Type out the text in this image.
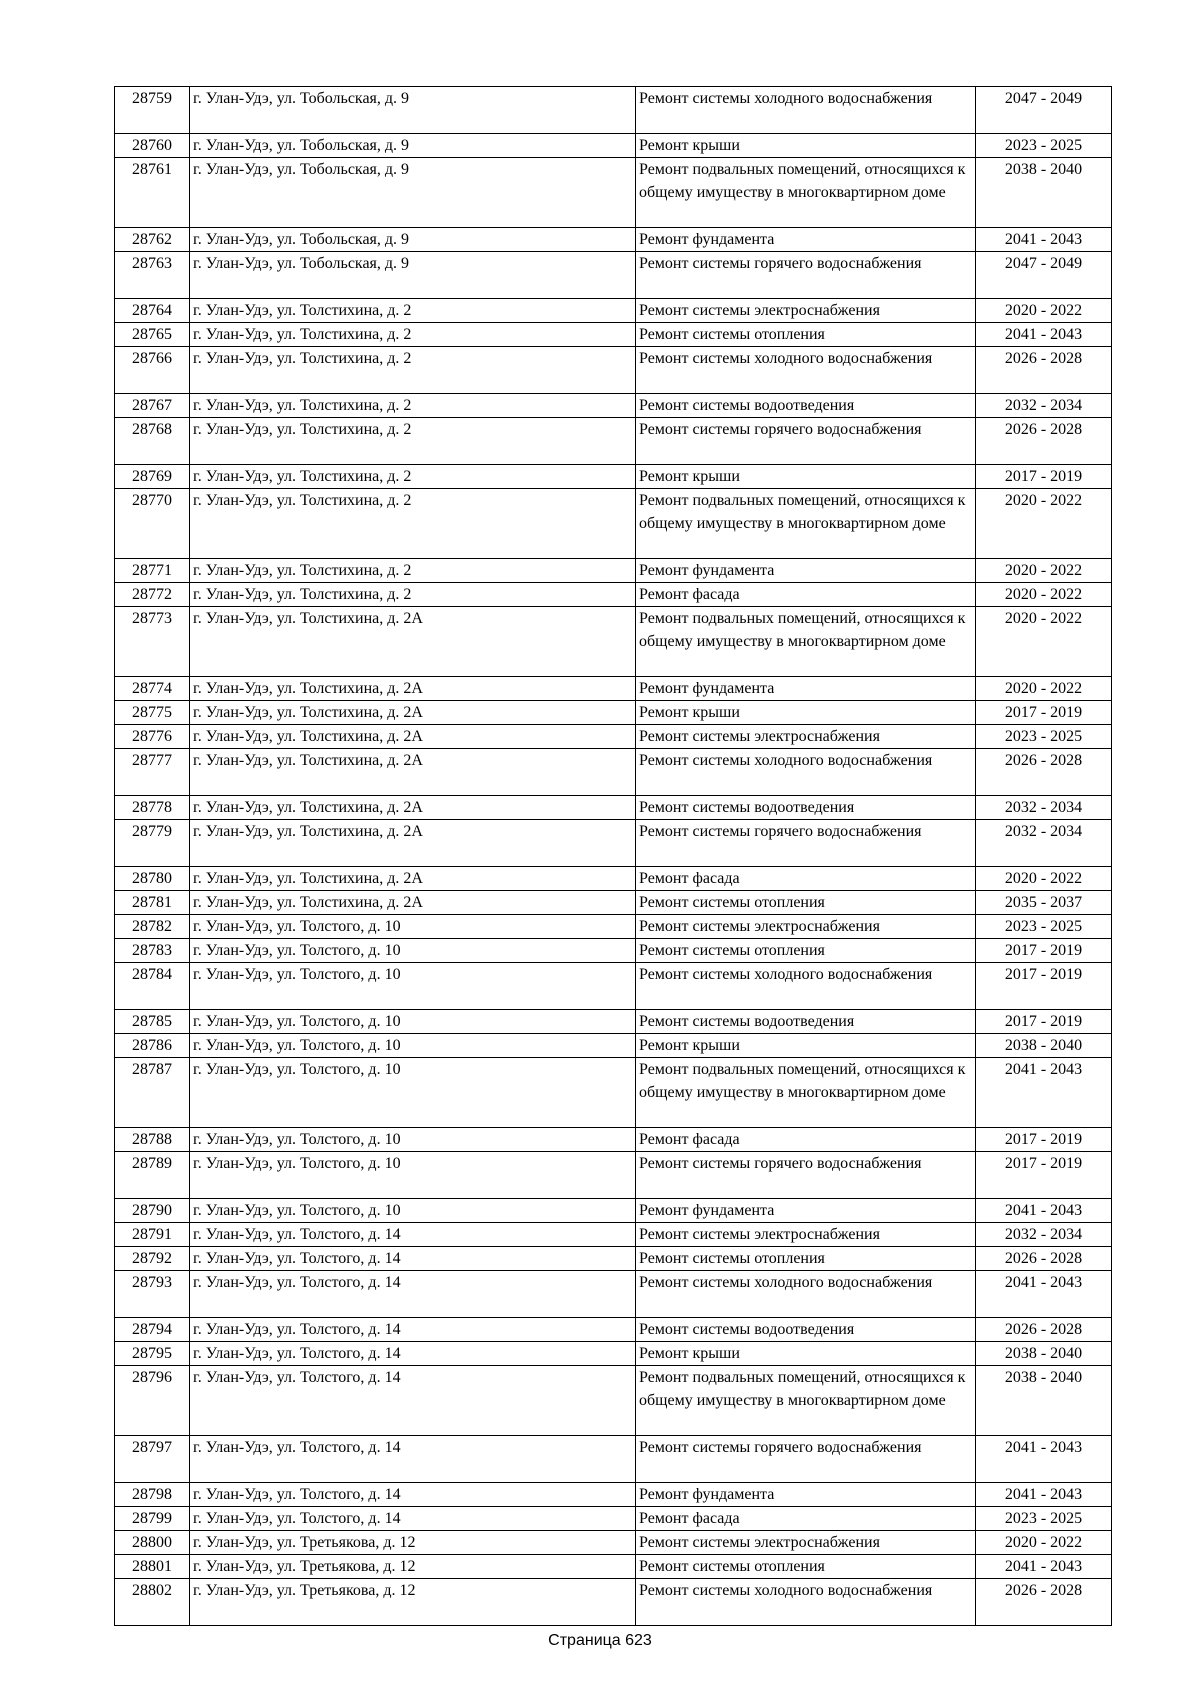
28759	г. Улан-Удэ, ул. Тобольская, д. 9	Ремонт системы холодного водоснабжения	2047 - 2049
28760	г. Улан-Удэ, ул. Тобольская, д. 9	Ремонт крыши	2023 - 2025
28761	г. Улан-Удэ, ул. Тобольская, д. 9	Ремонт подвальных помещений, относящихся к общему имуществу в многоквартирном доме	2038 - 2040
28762	г. Улан-Удэ, ул. Тобольская, д. 9	Ремонт фундамента	2041 - 2043
28763	г. Улан-Удэ, ул. Тобольская, д. 9	Ремонт системы горячего водоснабжения	2047 - 2049
28764	г. Улан-Удэ, ул. Толстихина, д. 2	Ремонт системы электроснабжения	2020 - 2022
28765	г. Улан-Удэ, ул. Толстихина, д. 2	Ремонт системы отопления	2041 - 2043
28766	г. Улан-Удэ, ул. Толстихина, д. 2	Ремонт системы холодного водоснабжения	2026 - 2028
28767	г. Улан-Удэ, ул. Толстихина, д. 2	Ремонт системы водоотведения	2032 - 2034
28768	г. Улан-Удэ, ул. Толстихина, д. 2	Ремонт системы горячего водоснабжения	2026 - 2028
28769	г. Улан-Удэ, ул. Толстихина, д. 2	Ремонт крыши	2017 - 2019
28770	г. Улан-Удэ, ул. Толстихина, д. 2	Ремонт подвальных помещений, относящихся к общему имуществу в многоквартирном доме	2020 - 2022
28771	г. Улан-Удэ, ул. Толстихина, д. 2	Ремонт фундамента	2020 - 2022
28772	г. Улан-Удэ, ул. Толстихина, д. 2	Ремонт фасада	2020 - 2022
28773	г. Улан-Удэ, ул. Толстихина, д. 2А	Ремонт подвальных помещений, относящихся к общему имуществу в многоквартирном доме	2020 - 2022
28774	г. Улан-Удэ, ул. Толстихина, д. 2А	Ремонт фундамента	2020 - 2022
28775	г. Улан-Удэ, ул. Толстихина, д. 2А	Ремонт крыши	2017 - 2019
28776	г. Улан-Удэ, ул. Толстихина, д. 2А	Ремонт системы электроснабжения	2023 - 2025
28777	г. Улан-Удэ, ул. Толстихина, д. 2А	Ремонт системы холодного водоснабжения	2026 - 2028
28778	г. Улан-Удэ, ул. Толстихина, д. 2А	Ремонт системы водоотведения	2032 - 2034
28779	г. Улан-Удэ, ул. Толстихина, д. 2А	Ремонт системы горячего водоснабжения	2032 - 2034
28780	г. Улан-Удэ, ул. Толстихина, д. 2А	Ремонт фасада	2020 - 2022
28781	г. Улан-Удэ, ул. Толстихина, д. 2А	Ремонт системы отопления	2035 - 2037
28782	г. Улан-Удэ, ул. Толстого, д. 10	Ремонт системы электроснабжения	2023 - 2025
28783	г. Улан-Удэ, ул. Толстого, д. 10	Ремонт системы отопления	2017 - 2019
28784	г. Улан-Удэ, ул. Толстого, д. 10	Ремонт системы холодного водоснабжения	2017 - 2019
28785	г. Улан-Удэ, ул. Толстого, д. 10	Ремонт системы водоотведения	2017 - 2019
28786	г. Улан-Удэ, ул. Толстого, д. 10	Ремонт крыши	2038 - 2040
28787	г. Улан-Удэ, ул. Толстого, д. 10	Ремонт подвальных помещений, относящихся к общему имуществу в многоквартирном доме	2041 - 2043
28788	г. Улан-Удэ, ул. Толстого, д. 10	Ремонт фасада	2017 - 2019
28789	г. Улан-Удэ, ул. Толстого, д. 10	Ремонт системы горячего водоснабжения	2017 - 2019
28790	г. Улан-Удэ, ул. Толстого, д. 10	Ремонт фундамента	2041 - 2043
28791	г. Улан-Удэ, ул. Толстого, д. 14	Ремонт системы электроснабжения	2032 - 2034
28792	г. Улан-Удэ, ул. Толстого, д. 14	Ремонт системы отопления	2026 - 2028
28793	г. Улан-Удэ, ул. Толстого, д. 14	Ремонт системы холодного водоснабжения	2041 - 2043
28794	г. Улан-Удэ, ул. Толстого, д. 14	Ремонт системы водоотведения	2026 - 2028
28795	г. Улан-Удэ, ул. Толстого, д. 14	Ремонт крыши	2038 - 2040
28796	г. Улан-Удэ, ул. Толстого, д. 14	Ремонт подвальных помещений, относящихся к общему имуществу в многоквартирном доме	2038 - 2040
28797	г. Улан-Удэ, ул. Толстого, д. 14	Ремонт системы горячего водоснабжения	2041 - 2043
28798	г. Улан-Удэ, ул. Толстого, д. 14	Ремонт фундамента	2041 - 2043
28799	г. Улан-Удэ, ул. Толстого, д. 14	Ремонт фасада	2023 - 2025
28800	г. Улан-Удэ, ул. Третьякова, д. 12	Ремонт системы электроснабжения	2020 - 2022
28801	г. Улан-Удэ, ул. Третьякова, д. 12	Ремонт системы отопления	2041 - 2043
28802	г. Улан-Удэ, ул. Третьякова, д. 12	Ремонт системы холодного водоснабжения	2026 - 2028
Страница 623
